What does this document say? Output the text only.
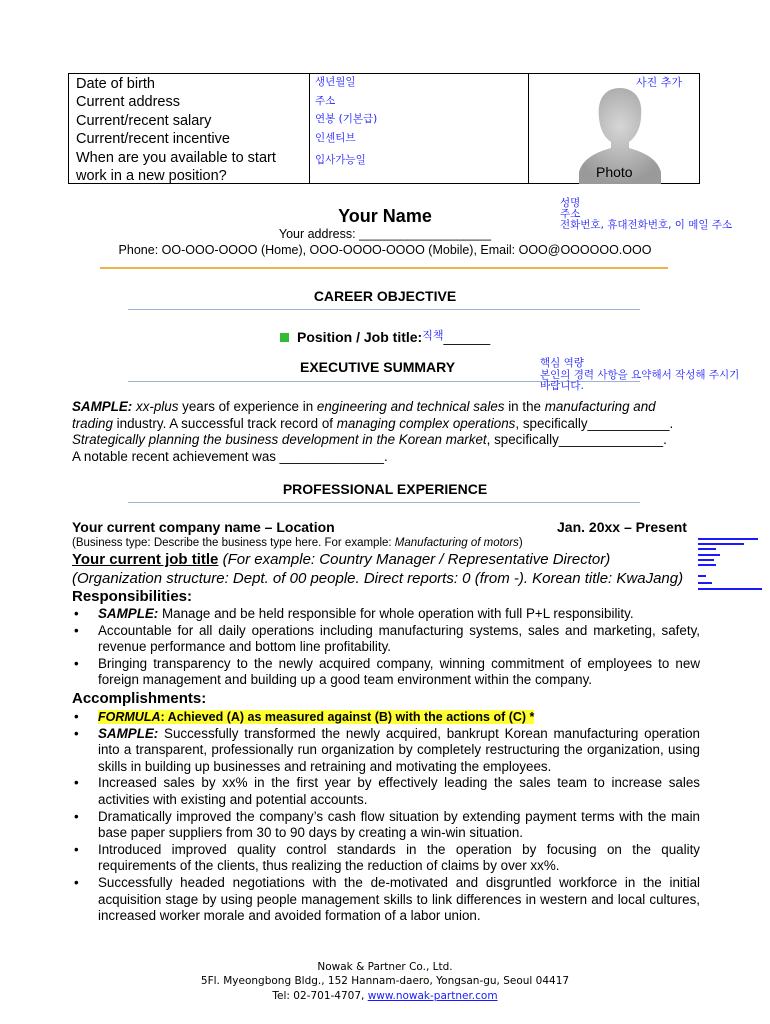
Date of birth
Current address
Current/recent salary
Current/recent incentive
When are you available to start
work in a new position?
생년월일
주소
연봉 (기본급)
인센티브
입사가능일
사진 추가
Photo
Your Name
Your address: ___________________
Phone: OO-OOO-OOOO (Home), OOO-OOOO-OOOO (Mobile), Email: OOO@OOOOOO.OOO
성명
주소
전화번호, 휴대전화번호, 이 메일 주소
CAREER OBJECTIVE
Position / Job title:$^{직책}$______
EXECUTIVE SUMMARY	핵심 역량
본인의 경력 사항을 요약해서 작성해 주시기
바랍니다.
SAMPLE: xx-plus years of experience in engineering and technical sales in the manufacturing and
trading industry. A successful track record of managing complex operations, specifically___________.
Strategically planning the business development in the Korean market, specifically______________.
A notable recent achievement was ______________.
PROFESSIONAL EXPERIENCE
Your current company name – Location	Jan. 20xx – Present
(Business type: Describe the business type here. For example: Manufacturing of motors)
Your current job title (For example: Country Manager / Representative Director)
(Organization structure: Dept. of 00 people. Direct reports: 0 (from -). Korean title: KwaJang)
Responsibilities:
• SAMPLE: Manage and be held responsible for whole operation with full P+L responsibility.
• Accountable for all daily operations including manufacturing systems, sales and marketing, safety, revenue performance and bottom line profitability.
• Bringing transparency to the newly acquired company, winning commitment of employees to new foreign management and building up a good team environment within the company.
Accomplishments:
• FORMULA: Achieved (A) as measured against (B) with the actions of (C) *
• SAMPLE: Successfully transformed the newly acquired, bankrupt Korean manufacturing operation into a transparent, professionally run organization by completely restructuring the organization, using skills in building up businesses and retraining and motivating the employees.
• Increased sales by xx% in the first year by effectively leading the sales team to increase sales activities with existing and potential accounts.
• Dramatically improved the company’s cash flow situation by extending payment terms with the main base paper suppliers from 30 to 90 days by creating a win-win situation.
• Introduced improved quality control standards in the operation by focusing on the quality requirements of the clients, thus realizing the reduction of claims by over xx%.
• Successfully headed negotiations with the de-motivated and disgruntled workforce in the initial acquisition stage by using people management skills to link differences in western and local cultures, increased worker morale and avoided formation of a labor union.
Nowak & Partner Co., Ltd.
5Fl. Myeongbong Bldg., 152 Hannam-daero, Yongsan-gu, Seoul 04417
Tel: 02-701-4707, www.nowak-partner.com
